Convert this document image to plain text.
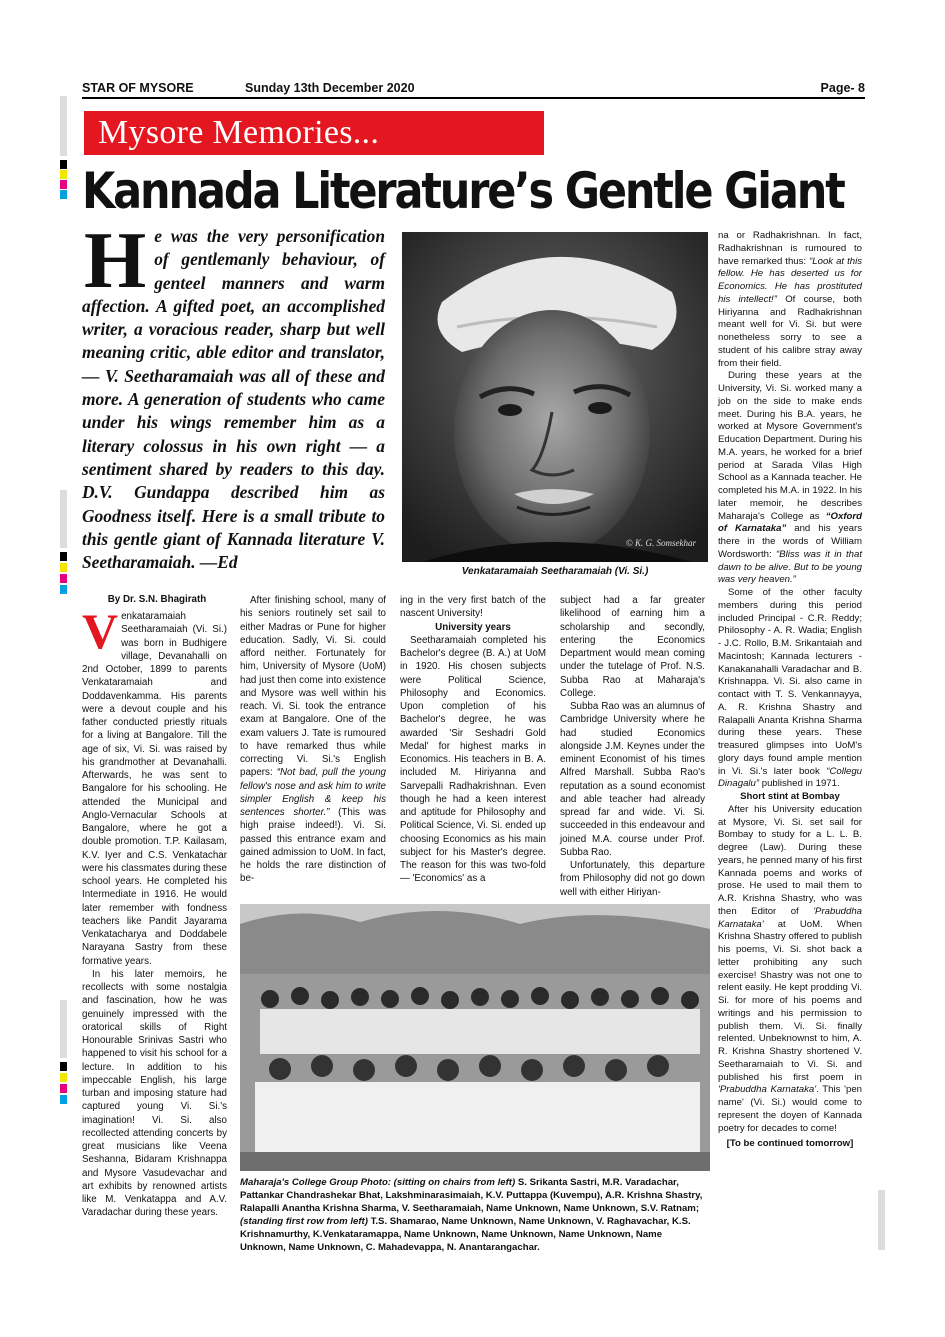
STAR OF MYSORE	Sunday 13th December 2020	Page- 8
Mysore Memories...
Kannada Literature’s Gentle Giant
He was the very personification of gentlemanly behaviour, of genteel manners and warm affection. A gifted poet, an accomplished writer, a voracious reader, sharp but well meaning critic, able editor and translator, — V. Seetharamaiah was all of these and more. A generation of students who came under his wings remember him as a literary colossus in his own right — a sentiment shared by readers to this day. D.V. Gundappa described him as Goodness itself. Here is a small tribute to this gentle giant of Kannada literature V. Seetharamaiah. —Ed
By Dr. S.N. Bhagirath
© K. G. Somsekhar
Venkataramaiah Seetharamaiah (Vi. Si.)

Venkataramaiah Seetharamaiah (Vi. Si.) was born in Budhigere village, Devanahalli on 2nd October, 1899 to parents Venkataramaiah and Doddavenkamma. His parents were a devout couple and his father conducted priestly rituals for a living at Bangalore. Till the age of six, Vi. Si. was raised by his grandmother at Devanahalli. Afterwards, he was sent to Bangalore for his schooling. He attended the Municipal and Anglo-Vernacular Schools at Bangalore, where he got a double promotion. T.P. Kailasam, K.V. Iyer and C.S. Venkatachar were his classmates during these school years. He completed his Intermediate in 1916. He would later remember with fondness teachers like Pandit Jayarama Venkatacharya and Doddabele Narayana Sastry from these formative years.

In his later memoirs, he recollects with some nostalgia and fascination, how he was genuinely impressed with the oratorical skills of Right Honourable Srinivas Sastri who happened to visit his school for a lecture. In addition to his impeccable English, his large turban and imposing stature had captured young Vi. Si.'s imagination! Vi. Si. also recollected attending concerts by great musicians like Veena Seshanna, Bidaram Krishnappa and Mysore Vasudevachar and art exhibits by renowned artists like M. Venkatappa and A.V. Varadachar during these years.

After finishing school, many of his seniors routinely set sail to either Madras or Pune for higher education. Sadly, Vi. Si. could afford neither. Fortunately for him, University of Mysore (UoM) had just then come into existence and Mysore was well within his reach. Vi. Si. took the entrance exam at Bangalore. One of the exam valuers J. Tate is rumoured to have remarked thus while correcting Vi. Si.'s English papers: “Not bad, pull the young fellow's nose and ask him to write simpler English & keep his sentences shorter.” (This was high praise indeed!). Vi. Si. passed this entrance exam and gained admission to UoM. In fact, he holds the rare distinction of be-

ing in the very first batch of the nascent University!

University years

Seetharamaiah completed his Bachelor's degree (B. A.) at UoM in 1920. His chosen subjects were Political Science, Philosophy and Economics. Upon completion of his Bachelor's degree, he was awarded 'Sir Seshadri Gold Medal' for highest marks in Economics. His teachers in B. A. included M. Hiriyanna and Sarvepalli Radhakrishnan. Even though he had a keen interest and aptitude for Philosophy and Political Science, Vi. Si. ended up choosing Economics as his main subject for his Master's degree. The reason for this was two-fold — 'Economics' as a

subject had a far greater likelihood of earning him a scholarship and secondly, entering the Economics Department would mean coming under the tutelage of Prof. N.S. Subba Rao at Maharaja's College.

Subba Rao was an alumnus of Cambridge University where he had studied Economics alongside J.M. Keynes under the eminent Economist of his times Alfred Marshall. Subba Rao's reputation as a sound economist and able teacher had already spread far and wide. Vi. Si. succeeded in this endeavour and joined M.A. course under Prof. Subba Rao.

Unfortunately, this departure from Philosophy did not go down well with either Hiriyan-

na or Radhakrishnan. In fact, Radhakrishnan is rumoured to have remarked thus: “Look at this fellow. He has deserted us for Economics. He has prostituted his intellect!” Of course, both Hiriyanna and Radhakrishnan meant well for Vi. Si. but were nonetheless sorry to see a student of his calibre stray away from their field.

During these years at the University, Vi. Si. worked many a job on the side to make ends meet. During his B.A. years, he worked at Mysore Government's Education Department. During his M.A. years, he worked for a brief period at Sarada Vilas High School as a Kannada teacher. He completed his M.A. in 1922. In his later memoir, he describes Maharaja's College as “Oxford of Karnataka” and his years there in the words of William Wordsworth: “Bliss was it in that dawn to be alive. But to be young was very heaven.”

Some of the other faculty members during this period included Principal - C.R. Reddy; Philosophy - A. R. Wadia; English - J.C. Rollo, B.M. Srikantaiah and Macintosh; Kannada lecturers - Kanakanahalli Varadachar and B. Krishnappa. Vi. Si. also came in contact with T. S. Venkannayya, A. R. Krishna Shastry and Ralapalli Ananta Krishna Sharma during these years. These treasured glimpses into UoM's glory days found ample mention in Vi. Si.'s later book “Collegu Dinagalu” published in 1971.

Short stint at Bombay

After his University education at Mysore, Vi. Si. set sail for Bombay to study for a L. L. B. degree (Law). During these years, he penned many of his first Kannada poems and works of prose. He used to mail them to A.R. Krishna Shastry, who was then Editor of 'Prabuddha Karnataka' at UoM. When Krishna Shastry offered to publish his poems, Vi. Si. shot back a letter prohibiting any such exercise! Shastry was not one to relent easily. He kept prodding Vi. Si. for more of his poems and writings and his permission to publish them. Vi. Si. finally relented. Unbeknownst to him, A. R. Krishna Shastry shortened V. Seetharamaiah to Vi. Si. and published his first poem in 'Prabuddha Karnataka'. This 'pen name' (Vi. Si.) would come to represent the doyen of Kannada poetry for decades to come!

[To be continued tomorrow]

Maharaja's College Group Photo: (sitting on chairs from left) S. Srikanta Sastri, M.R. Varadachar, Pattankar Chandrashekar Bhat, Lakshminarasimaiah, K.V. Puttappa (Kuvempu), A.R. Krishna Shastry, Ralapalli Anantha Krishna Sharma, V. Seetharamaiah, Name Unknown, Name Unknown, S.V. Ratnam; (standing first row from left) T.S. Shamarao, Name Unknown, Name Unknown, V. Raghavachar, K.S. Krishnamurthy, K.Venkataramappa, Name Unknown, Name Unknown, Name Unknown, Name Unknown, Name Unknown, C. Mahadevappa, N. Anantarangachar.
